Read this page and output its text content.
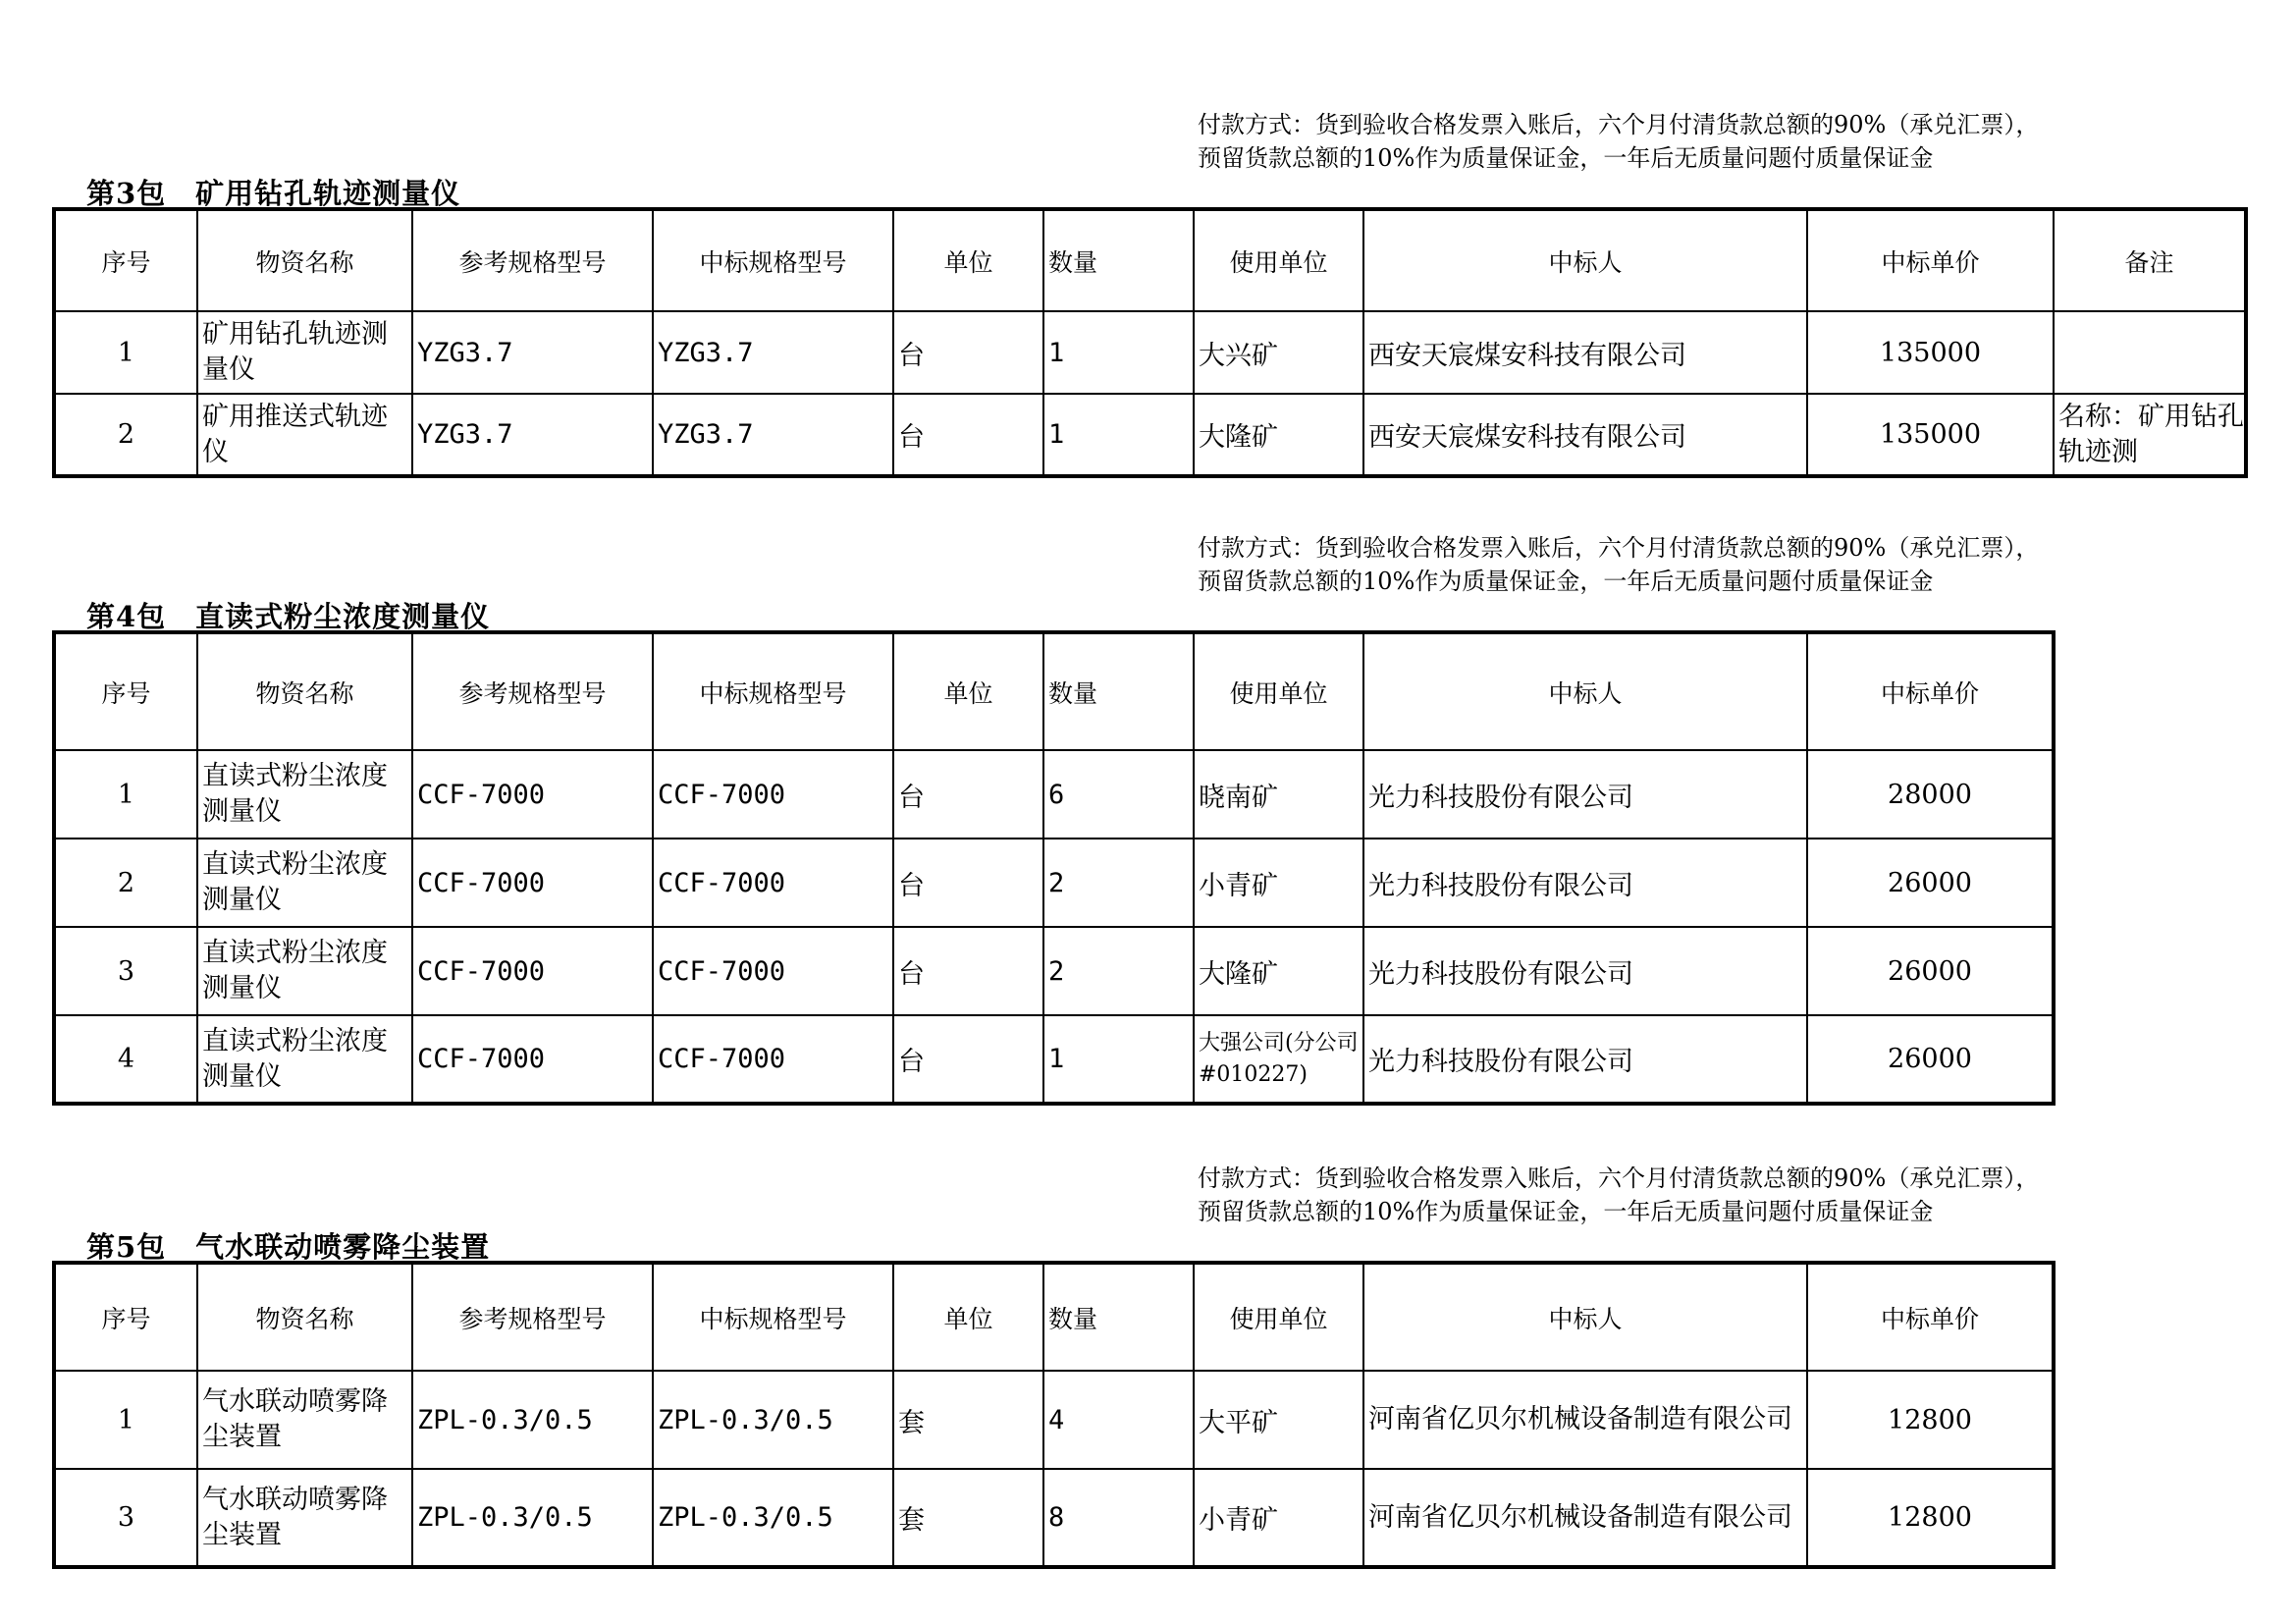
付款方式：货到验收合格发票入账后，六个月付清货款总额的90%（承兑汇票），预留货款总额的10%作为质量保证金，一年后无质量问题付质量保证金
第3包　矿用钻孔轨迹测量仪
序号	物资名称	参考规格型号	中标规格型号	单位	数量	使用单位	中标人	中标单价	备注
1	矿用钻孔轨迹测量仪	YZG3.7	YZG3.7	台	1	大兴矿	西安天宸煤安科技有限公司	135000	
2	矿用推送式轨迹仪	YZG3.7	YZG3.7	台	1	大隆矿	西安天宸煤安科技有限公司	135000	名称：矿用钻孔轨迹测
付款方式：货到验收合格发票入账后，六个月付清货款总额的90%（承兑汇票），预留货款总额的10%作为质量保证金，一年后无质量问题付质量保证金
第4包　直读式粉尘浓度测量仪
序号	物资名称	参考规格型号	中标规格型号	单位	数量	使用单位	中标人	中标单价
1	直读式粉尘浓度测量仪	CCF-7000	CCF-7000	台	6	晓南矿	光力科技股份有限公司	28000
2	直读式粉尘浓度测量仪	CCF-7000	CCF-7000	台	2	小青矿	光力科技股份有限公司	26000
3	直读式粉尘浓度测量仪	CCF-7000	CCF-7000	台	2	大隆矿	光力科技股份有限公司	26000
4	直读式粉尘浓度测量仪	CCF-7000	CCF-7000	台	1	大强公司(分公司#010227)	光力科技股份有限公司	26000
付款方式：货到验收合格发票入账后，六个月付清货款总额的90%（承兑汇票），预留货款总额的10%作为质量保证金，一年后无质量问题付质量保证金
第5包　气水联动喷雾降尘装置
序号	物资名称	参考规格型号	中标规格型号	单位	数量	使用单位	中标人	中标单价
1	气水联动喷雾降尘装置	ZPL-0.3/0.5	ZPL-0.3/0.5	套	4	大平矿	河南省亿贝尔机械设备制造有限公司	12800
3	气水联动喷雾降尘装置	ZPL-0.3/0.5	ZPL-0.3/0.5	套	8	小青矿	河南省亿贝尔机械设备制造有限公司	12800
